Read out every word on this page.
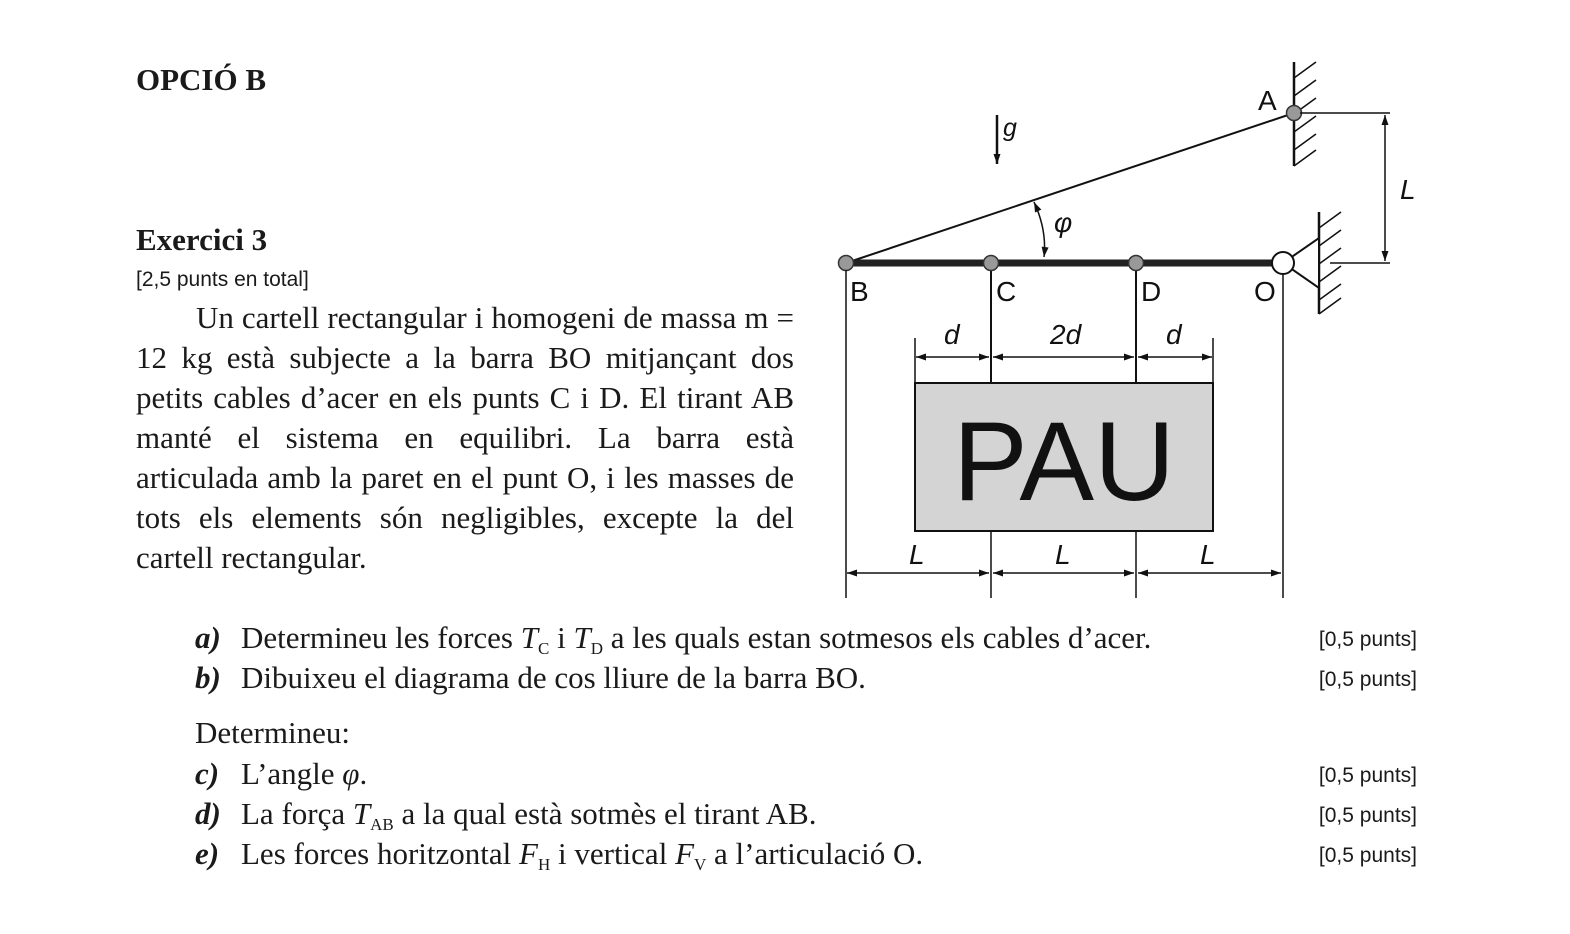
OPCIÓ B
Exercici 3
[2,5 punts en total]

Un cartell rectangular i homogeni de massa m = 12 kg està subjecte a la barra BO mitjançant dos petits cables d’acer en els punts C i D. El tirant AB manté el sistema en equilibri. La barra està articulada amb la paret en el punt O, i les masses de tots els elements són negligibles, excepte la del cartell rectangular.

a) Determineu les forces $T_C$ i $T_D$ a les quals estan sotmesos els cables d’acer.	[0,5 punts]
b) Dibuixeu el diagrama de cos lliure de la barra BO.	[0,5 punts]
Determineu:
c) L’angle φ.	[0,5 punts]
d) La força $T_{AB}$ a la qual està sotmès el tirant AB.	[0,5 punts]
e) Les forces horitzontal $F_H$ i vertical $F_V$ a l’articulació O.	[0,5 punts]
A
B	C	D	O
g
φ
L
d	2d	d
PAU
L	L	L
